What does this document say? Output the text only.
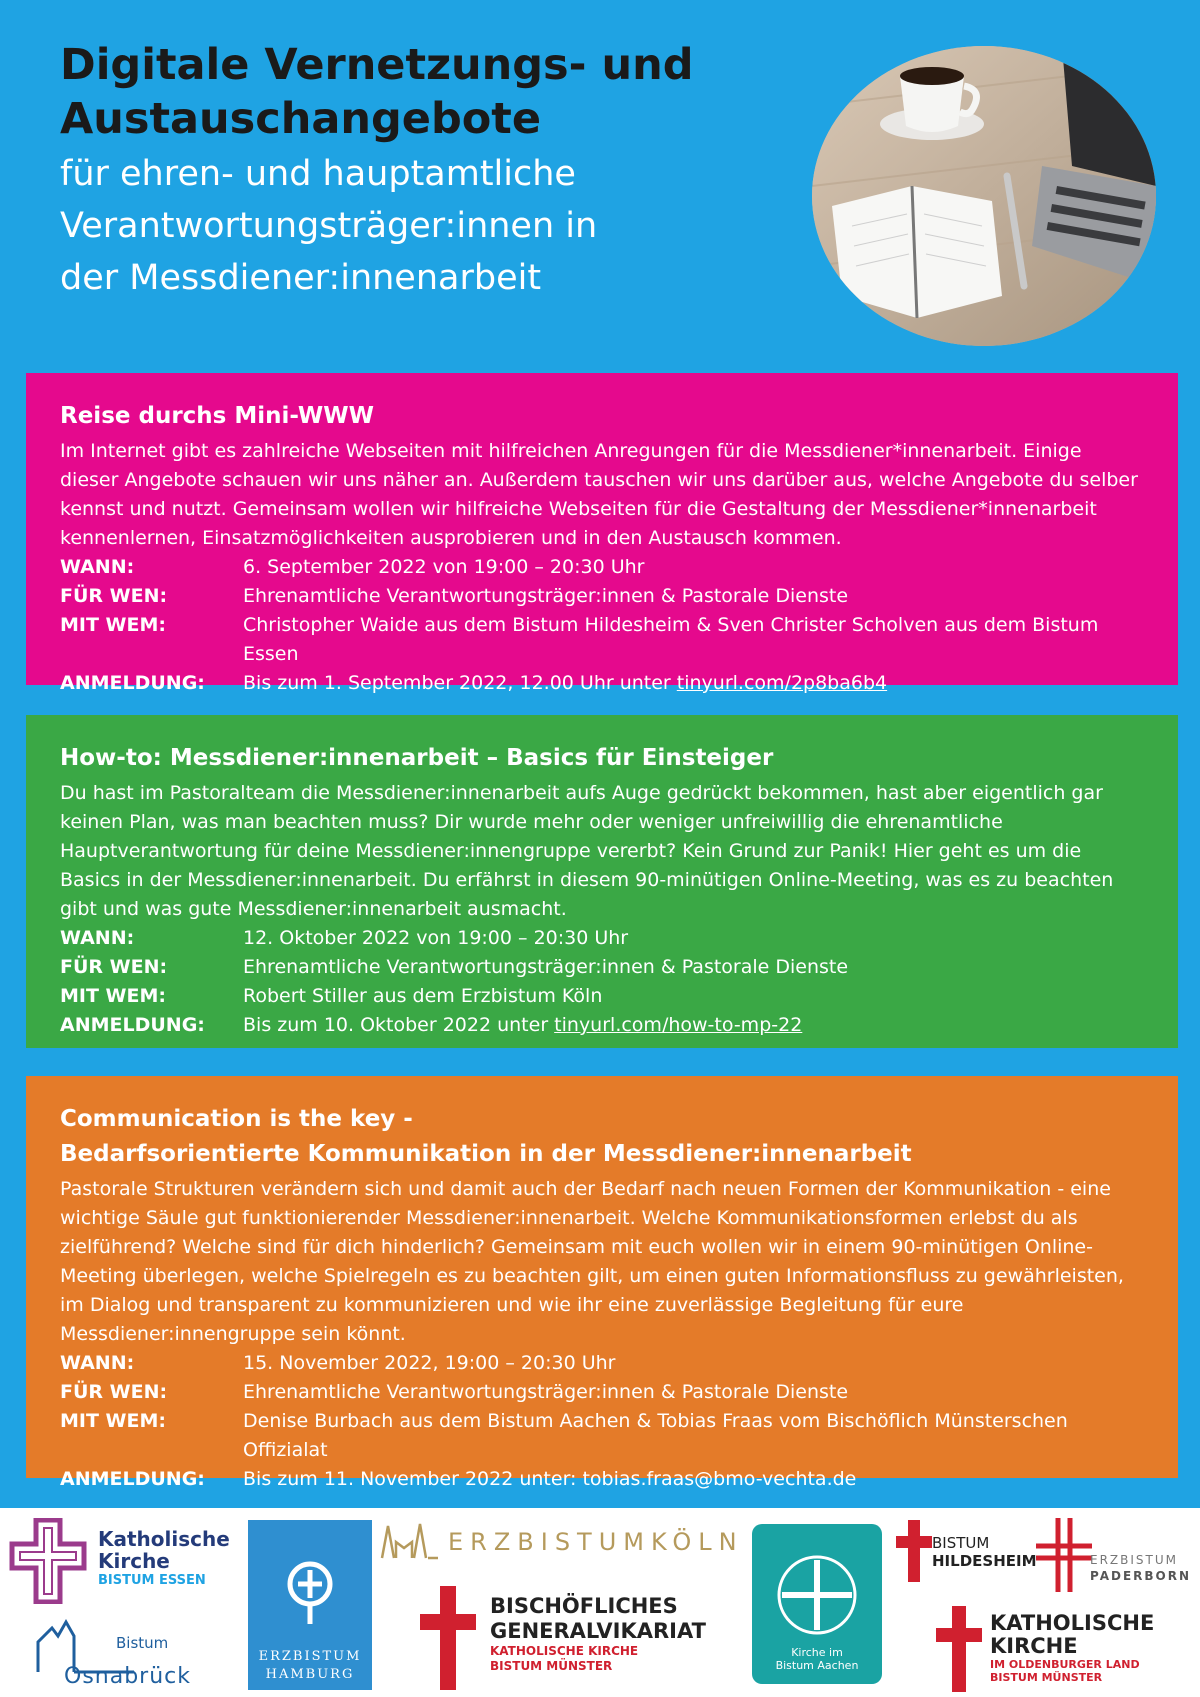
Digitale Vernetzungs- und
Austauschangebote
für ehren- und hauptamtliche
Verantwortungsträger:innen in
der Messdiener:innenarbeit
Reise durchs Mini-WWW
Im Internet gibt es zahlreiche Webseiten mit hilfreichen Anregungen für die Messdiener*innenarbeit. Einige dieser Angebote schauen wir uns näher an. Außerdem tauschen wir uns darüber aus, welche Angebote du selber kennst und nutzt. Gemeinsam wollen wir hilfreiche Webseiten für die Gestaltung der Messdiener*innenarbeit kennenlernen, Einsatzmöglichkeiten ausprobieren und in den Austausch kommen.
WANN:	6. September 2022 von 19:00 – 20:30 Uhr
FÜR WEN:	Ehrenamtliche Verantwortungsträger:innen & Pastorale Dienste
MIT WEM:	Christopher Waide aus dem Bistum Hildesheim & Sven Christer Scholven aus dem Bistum Essen
ANMELDUNG:	Bis zum 1. September 2022, 12.00 Uhr unter tinyurl.com/2p8ba6b4
How-to: Messdiener:innenarbeit – Basics für Einsteiger
Du hast im Pastoralteam die Messdiener:innenarbeit aufs Auge gedrückt bekommen, hast aber eigentlich gar keinen Plan, was man beachten muss? Dir wurde mehr oder weniger unfreiwillig die ehrenamtliche Hauptverantwortung für deine Messdiener:innengruppe vererbt? Kein Grund zur Panik! Hier geht es um die Basics in der Messdiener:innenarbeit. Du erfährst in diesem 90-minütigen Online-Meeting, was es zu beachten gibt und was gute Messdiener:innenarbeit ausmacht.
WANN:	12. Oktober 2022 von 19:00 – 20:30 Uhr
FÜR WEN:	Ehrenamtliche Verantwortungsträger:innen & Pastorale Dienste
MIT WEM:	Robert Stiller aus dem Erzbistum Köln
ANMELDUNG:	Bis zum 10. Oktober 2022 unter tinyurl.com/how-to-mp-22
Communication is the key -
Bedarfsorientierte Kommunikation in der Messdiener:innenarbeit
Pastorale Strukturen verändern sich und damit auch der Bedarf nach neuen Formen der Kommunikation - eine wichtige Säule gut funktionierender Messdiener:innenarbeit. Welche Kommunikationsformen erlebst du als zielführend? Welche sind für dich hinderlich? Gemeinsam mit euch wollen wir in einem 90-minütigen Online-Meeting überlegen, welche Spielregeln es zu beachten gilt, um einen guten Informationsfluss zu gewährleisten, im Dialog und transparent zu kommunizieren und wie ihr eine zuverlässige Begleitung für eure Messdiener:innengruppe sein könnt.
WANN:	15. November 2022, 19:00 – 20:30 Uhr
FÜR WEN:	Ehrenamtliche Verantwortungsträger:innen & Pastorale Dienste
MIT WEM:	Denise Burbach aus dem Bistum Aachen & Tobias Fraas vom Bischöflich Münsterschen Offizialat
ANMELDUNG:	Bis zum 11. November 2022 unter: tobias.fraas@bmo-vechta.de
Katholische
Kirche
BISTUM ESSEN
Bistum
Osnabrück
ERZBISTUM
HAMBURG
ERZBISTUMKÖLN
BISCHÖFLICHES
GENERALVIKARIAT
KATHOLISCHE KIRCHE
BISTUM MÜNSTER
Kirche im
Bistum Aachen
BISTUM
HILDESHEIM	ERZBISTUM
PADERBORN
KATHOLISCHE
KIRCHE
IM OLDENBURGER LAND
BISTUM MÜNSTER
